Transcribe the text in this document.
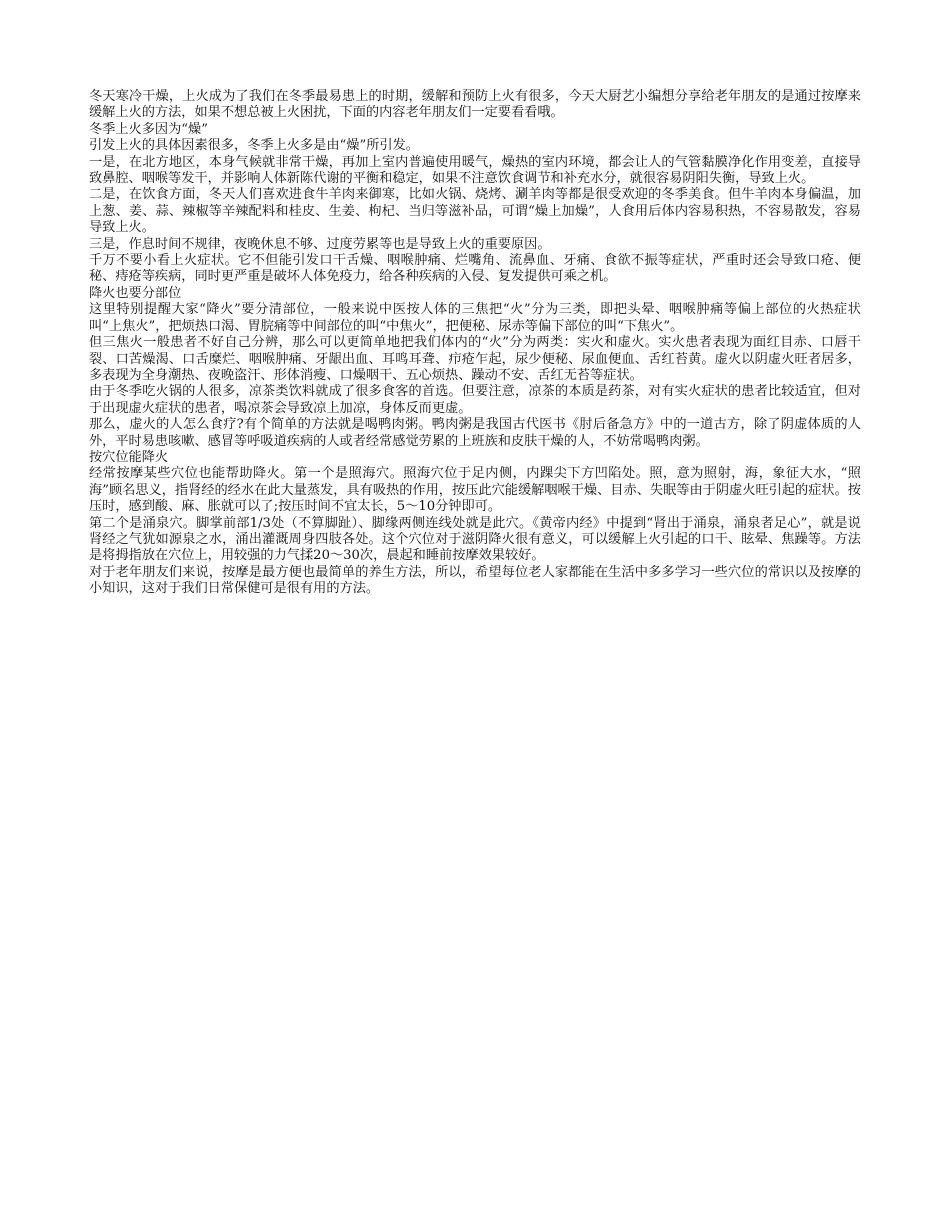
冬天寒冷干燥，上火成为了我们在冬季最易患上的时期，缓解和预防上火有很多，今天大厨艺小编想分享给老年朋友的是通过按摩来缓解上火的方法，如果不想总被上火困扰，下面的内容老年朋友们一定要看看哦。

冬季上火多因为“燥”

引发上火的具体因素很多，冬季上火多是由“燥”所引发。

一是，在北方地区，本身气候就非常干燥，再加上室内普遍使用暖气，燥热的室内环境，都会让人的气管黏膜净化作用变差，直接导致鼻腔、咽喉等发干，并影响人体新陈代谢的平衡和稳定，如果不注意饮食调节和补充水分，就很容易阴阳失衡，导致上火。

二是，在饮食方面，冬天人们喜欢进食牛羊肉来御寒，比如火锅、烧烤、涮羊肉等都是很受欢迎的冬季美食。但牛羊肉本身偏温，加上葱、姜、蒜、辣椒等辛辣配料和桂皮、生姜、枸杞、当归等滋补品，可谓“燥上加燥”，人食用后体内容易积热，不容易散发，容易导致上火。

三是，作息时间不规律，夜晚休息不够、过度劳累等也是导致上火的重要原因。

千万不要小看上火症状。它不但能引发口干舌燥、咽喉肿痛、烂嘴角、流鼻血、牙痛、食欲不振等症状，严重时还会导致口疮、便秘、痔疮等疾病，同时更严重是破坏人体免疫力，给各种疾病的入侵、复发提供可乘之机。

降火也要分部位

这里特别提醒大家“降火”要分清部位，一般来说中医按人体的三焦把“火”分为三类，即把头晕、咽喉肿痛等偏上部位的火热症状叫“上焦火”，把烦热口渴、胃脘痛等中间部位的叫“中焦火”，把便秘、尿赤等偏下部位的叫“下焦火”。

但三焦火一般患者不好自己分辨，那么可以更简单地把我们体内的“火”分为两类：实火和虚火。实火患者表现为面红目赤、口唇干裂、口苦燥渴、口舌糜烂、咽喉肿痛、牙龈出血、耳鸣耳聋、疖疮乍起，尿少便秘、尿血便血、舌红苔黄。虚火以阴虚火旺者居多，多表现为全身潮热、夜晚盗汗、形体消瘦、口燥咽干、五心烦热、躁动不安、舌红无苔等症状。

由于冬季吃火锅的人很多，凉茶类饮料就成了很多食客的首选。但要注意，凉茶的本质是药茶，对有实火症状的患者比较适宜，但对于出现虚火症状的患者，喝凉茶会导致凉上加凉，身体反而更虚。

那么，虚火的人怎么食疗?有个简单的方法就是喝鸭肉粥。鸭肉粥是我国古代医书《肘后备急方》中的一道古方，除了阴虚体质的人外，平时易患咳嗽、感冒等呼吸道疾病的人或者经常感觉劳累的上班族和皮肤干燥的人，不妨常喝鸭肉粥。

按穴位能降火

经常按摩某些穴位也能帮助降火。第一个是照海穴。照海穴位于足内侧，内踝尖下方凹陷处。照，意为照射，海，象征大水，“照海”顾名思义，指肾经的经水在此大量蒸发，具有吸热的作用，按压此穴能缓解咽喉干燥、目赤、失眠等由于阴虚火旺引起的症状。按压时，感到酸、麻、胀就可以了;按压时间不宜太长，5～10分钟即可。

第二个是涌泉穴。脚掌前部1/3处（不算脚趾）、脚缘两侧连线处就是此穴。《黄帝内经》中提到“肾出于涌泉，涌泉者足心”，就是说肾经之气犹如源泉之水，涌出灌溉周身四肢各处。这个穴位对于滋阴降火很有意义，可以缓解上火引起的口干、眩晕、焦躁等。方法是将拇指放在穴位上，用较强的力气揉20～30次，晨起和睡前按摩效果较好。

对于老年朋友们来说，按摩是最方便也最简单的养生方法，所以，希望每位老人家都能在生活中多多学习一些穴位的常识以及按摩的小知识，这对于我们日常保健可是很有用的方法。
